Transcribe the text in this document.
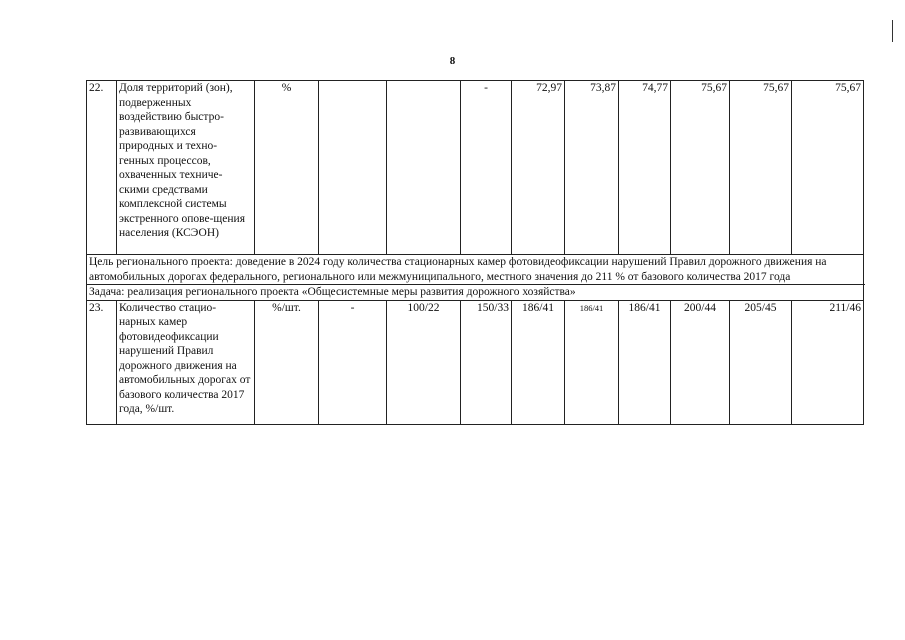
8
22.	Доля территорий (зон), подверженных воздействию быстро-развивающихся природных и техно-генных процессов, охваченных техниче-скими средствами комплексной системы экстренного опове-щения населения (КСЭОН)	%			-	72,97	73,87	74,77	75,67	75,67	75,67	
Цель регионального проекта: доведение в 2024 году количества стационарных камер фотовидеофиксации нарушений Правил дорожного движения на автомобильных дорогах федерального, регионального или межмуниципального, местного значения до 211 % от базового количества 2017 года												
Задача: реализация регионального проекта «Общесистемные меры развития дорожного хозяйства»												
23.	Количество стацио-нарных камер фотовидеофиксации нарушений Правил дорожного движения на автомобильных дорогах от базового количества 2017 года, %/шт.	%/шт.	-	100/22	150/33	186/41	186/41	186/41	200/44	205/45	211/46	
